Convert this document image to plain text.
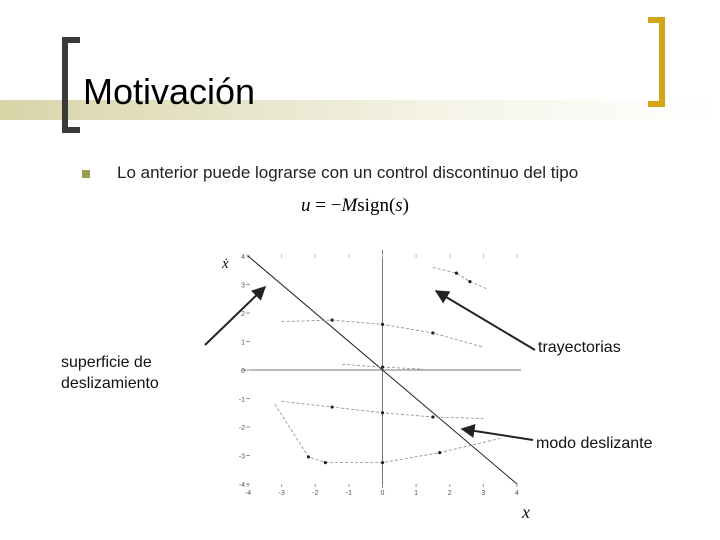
Motivación
Lo anterior puede lograrse con un control discontinuo del tipo
u = −Msign(s)
-4	-3	-2	-1	0	1	2	3	4
4
3
2
1
0
-1
-2
-3
-4
x
ẋ
superficie de
deslizamiento
trayectorias
modo deslizante
